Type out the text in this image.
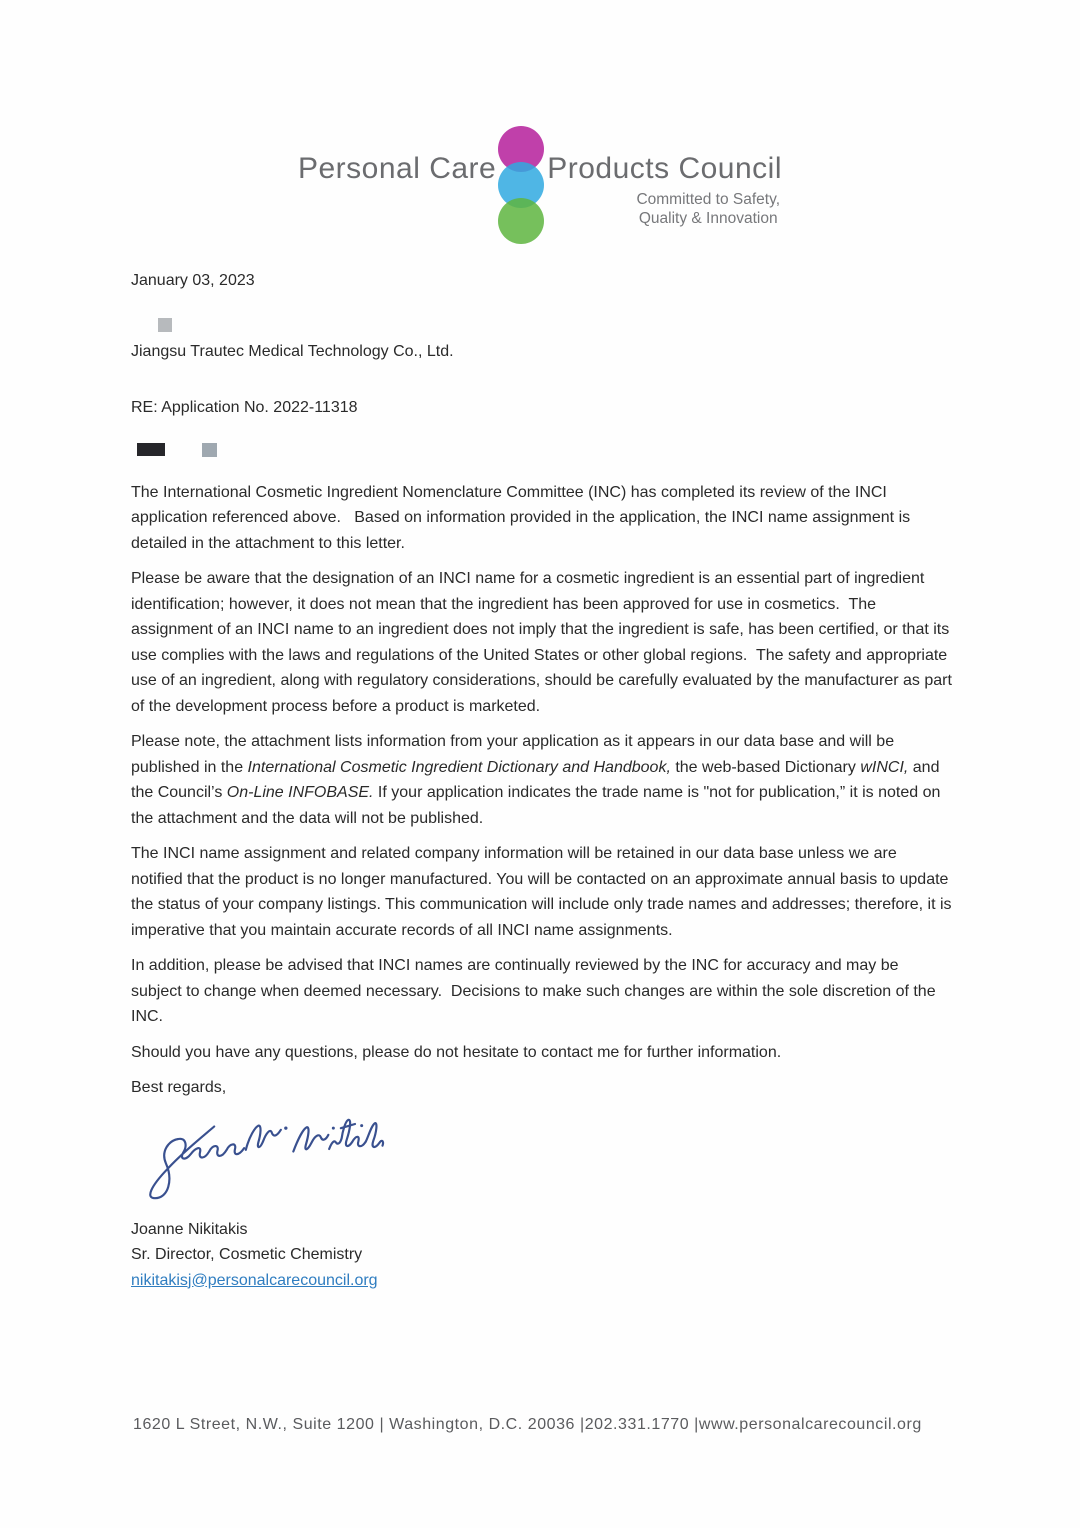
Personal Care Products Council
Committed to Safety,
Quality & Innovation
January 03, 2023
Jiangsu Trautec Medical Technology Co., Ltd.
RE: Application No. 2022-11318

The International Cosmetic Ingredient Nomenclature Committee (INC) has completed its review of the INCI application referenced above.   Based on information provided in the application, the INCI name assignment is detailed in the attachment to this letter.

Please be aware that the designation of an INCI name for a cosmetic ingredient is an essential part of ingredient identification; however, it does not mean that the ingredient has been approved for use in cosmetics.  The assignment of an INCI name to an ingredient does not imply that the ingredient is safe, has been certified, or that its use complies with the laws and regulations of the United States or other global regions.  The safety and appropriate use of an ingredient, along with regulatory considerations, should be carefully evaluated by the manufacturer as part of the development process before a product is marketed.

Please note, the attachment lists information from your application as it appears in our data base and will be published in the International Cosmetic Ingredient Dictionary and Handbook, the web-based Dictionary wINCI, and the Council’s On-Line INFOBASE. If your application indicates the trade name is "not for publication,” it is noted on the attachment and the data will not be published.

The INCI name assignment and related company information will be retained in our data base unless we are notified that the product is no longer manufactured. You will be contacted on an approximate annual basis to update the status of your company listings. This communication will include only trade names and addresses; therefore, it is imperative that you maintain accurate records of all INCI name assignments.

In addition, please be advised that INCI names are continually reviewed by the INC for accuracy and may be subject to change when deemed necessary.  Decisions to make such changes are within the sole discretion of the INC.

Should you have any questions, please do not hesitate to contact me for further information.

Best regards,
Joanne Nikitakis
Sr. Director, Cosmetic Chemistry
nikitakisj@personalcarecouncil.org
1620 L Street, N.W., Suite 1200 | Washington, D.C. 20036 |202.331.1770 |www.personalcarecouncil.org
